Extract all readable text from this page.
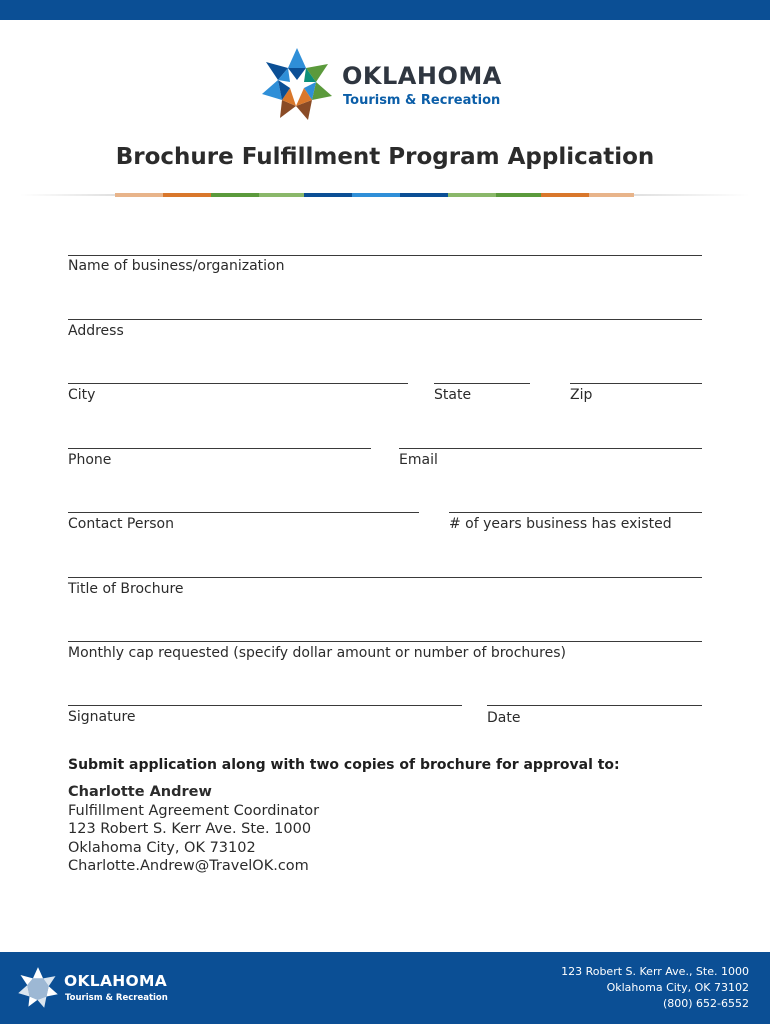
OKLAHOMA
Tourism & Recreation
Brochure Fulfillment Program Application
Name of business/organization
Address
City	State	Zip
Phone	Email
Contact Person	# of years business has existed
Title of Brochure
Monthly cap requested (specify dollar amount or number of brochures)
Signature	Date
Submit application along with two copies of brochure for approval to:
Charlotte Andrew
Fulfillment Agreement Coordinator
123 Robert S. Kerr Ave. Ste. 1000
Oklahoma City, OK 73102
Charlotte.Andrew@TravelOK.com
OKLAHOMA
Tourism & Recreation
123 Robert S. Kerr Ave., Ste. 1000
Oklahoma City, OK 73102
(800) 652-6552
